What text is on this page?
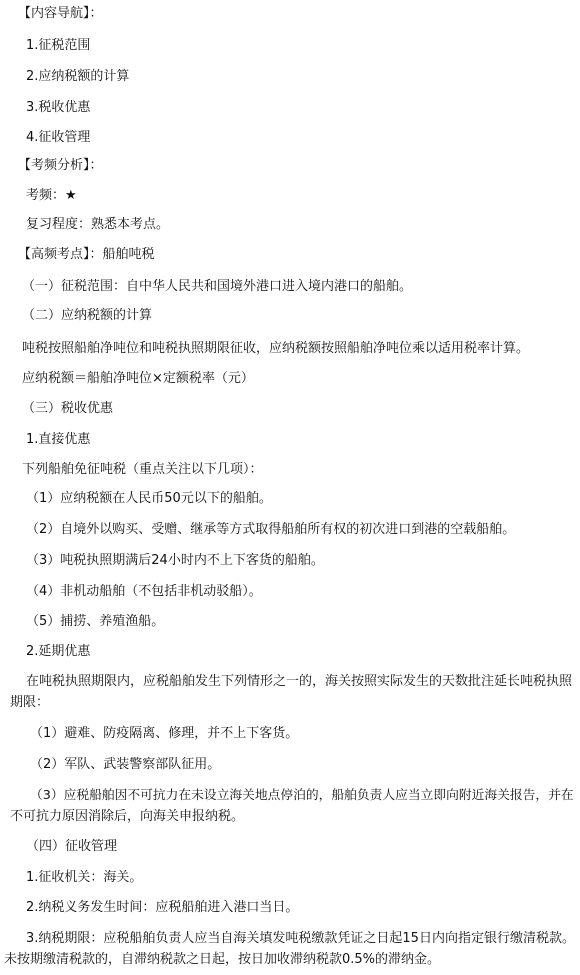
【内容导航】：
1.征税范围
2.应纳税额的计算
3.税收优惠
4.征收管理
【考频分析】：
考频：★
复习程度：熟悉本考点。
【高频考点】：船舶吨税
（一）征税范围：自中华人民共和国境外港口进入境内港口的船舶。
（二）应纳税额的计算
吨税按照船舶净吨位和吨税执照期限征收，应纳税额按照船舶净吨位乘以适用税率计算。
应纳税额＝船舶净吨位×定额税率（元）
（三）税收优惠
1.直接优惠
下列船舶免征吨税（重点关注以下几项）：
（1）应纳税额在人民币50元以下的船舶。
（2）自境外以购买、受赠、继承等方式取得船舶所有权的初次进口到港的空载船舶。
（3）吨税执照期满后24小时内不上下客货的船舶。
（4）非机动船舶（不包括非机动驳船）。
（5）捕捞、养殖渔船。
2.延期优惠
在吨税执照期限内，应税船舶发生下列情形之一的，海关按照实际发生的天数批注延长吨税执照
期限：
（1）避难、防疫隔离、修理，并不上下客货。
（2）军队、武装警察部队征用。
（3）应税船舶因不可抗力在未设立海关地点停泊的，船舶负责人应当立即向附近海关报告，并在
不可抗力原因消除后，向海关申报纳税。
（四）征收管理
1.征收机关：海关。
2.纳税义务发生时间：应税船舶进入港口当日。
3.纳税期限：应税船舶负责人应当自海关填发吨税缴款凭证之日起15日内向指定银行缴清税款。
未按期缴清税款的，自滞纳税款之日起，按日加收滞纳税款0.5%的滞纳金。
